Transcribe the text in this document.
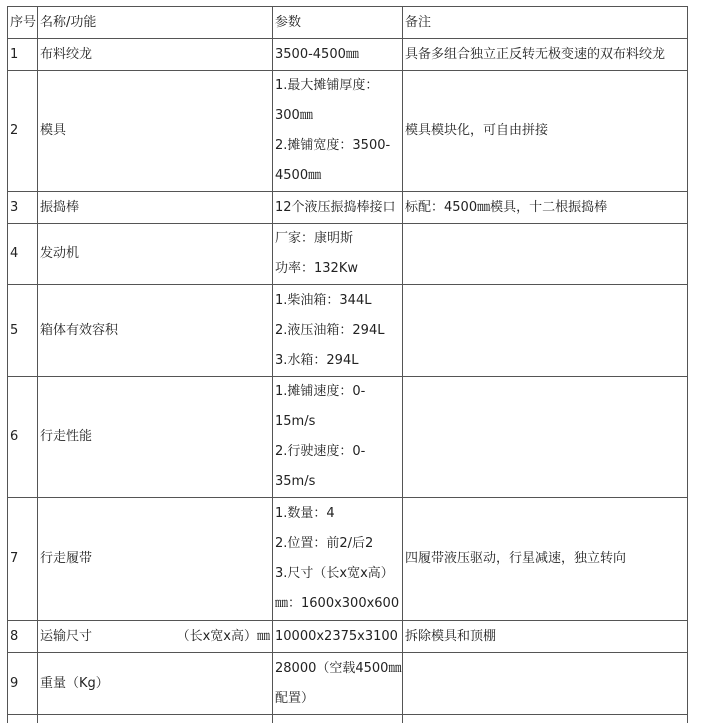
序号	名称/功能	参数	备注
1	布料绞龙	3500-4500㎜	具备多组合独立正反转无极变速的双布料绞龙
2	模具	1.最大摊铺厚度：
300㎜
2.摊铺宽度：3500-
4500㎜	模具模块化，可自由拼接
3	振捣棒	12个液压振捣棒接口	标配：4500㎜模具，十二根振捣棒
4	发动机	厂家：康明斯
功率：132Kw	

5	箱体有效容积	1.柴油箱：344L
2.液压油箱：294L
3.水箱：294L	

6	行走性能	1.摊铺速度：0-
15m/s
2.行驶速度：0-
35m/s	

7	行走履带	1.数量：4
2.位置：前2/后2
3.尺寸（长x宽x高）
㎜：1600x300x600	四履带液压驱动，行星减速，独立转向
8	运输尺寸 （长x宽x高）㎜	10000x2375x3100	拆除模具和顶棚
9	重量（Kg）	28000（空载4500㎜
配置）	
